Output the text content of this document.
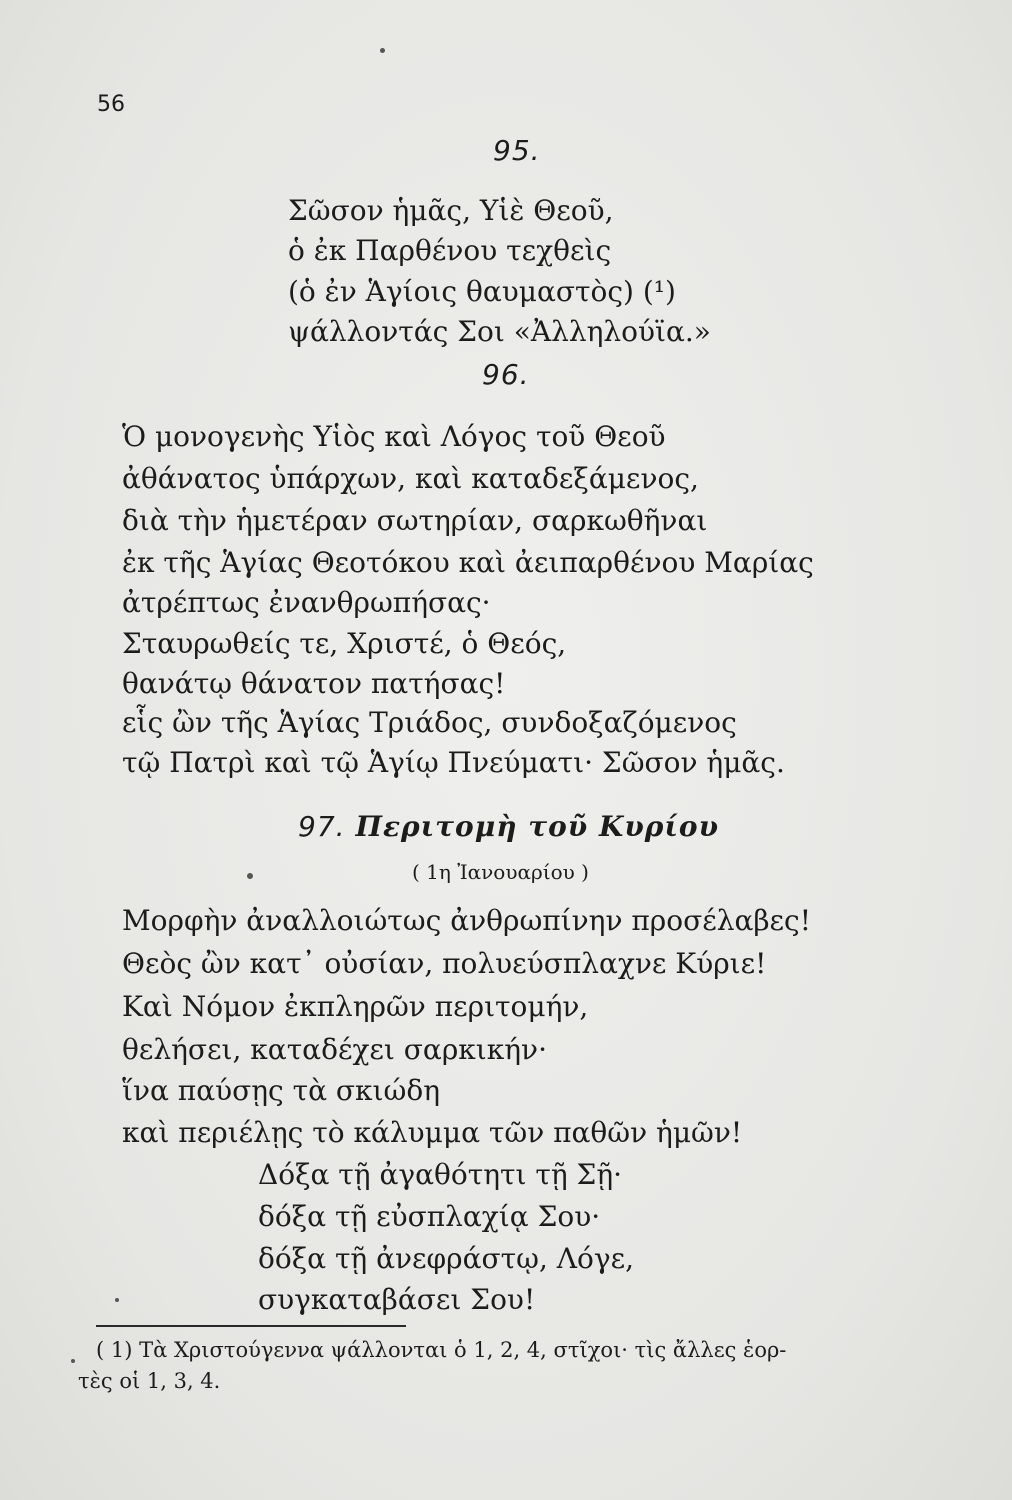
56
95.
Σῶσον ἡμᾶς, Υἱὲ Θεοῦ,
ὁ ἐκ Παρθένου τεχθεὶς
(ὁ ἐν Ἁγίοις θαυμαστὸς) (¹)
ψάλλοντάς Σοι «Ἀλληλούϊα.»
96.
Ὁ μονογενὴς Υἱὸς καὶ Λόγος τοῦ Θεοῦ
ἀθάνατος ὑπάρχων, καὶ καταδεξάμενος,
διὰ τὴν ἡμετέραν σωτηρίαν, σαρκωθῆναι
ἐκ τῆς Ἁγίας Θεοτόκου καὶ ἀειπαρθένου Μαρίας
ἀτρέπτως ἐνανθρωπήσας·
Σταυρωθείς τε, Χριστέ, ὁ Θεός,
θανάτῳ θάνατον πατήσας!
εἷς ὢν τῆς Ἁγίας Τριάδος, συνδοξαζόμενος
τῷ Πατρὶ καὶ τῷ Ἁγίῳ Πνεύματι· Σῶσον ἡμᾶς.
97. Περιτομὴ τοῦ Κυρίου
( 1η Ἰανουαρίου )
Μορφὴν ἀναλλοιώτως ἀνθρωπίνην προσέλαβες!
Θεὸς ὢν κατ᾽ οὐσίαν, πολυεύσπλαχνε Κύριε!
Καὶ Νόμον ἐκπληρῶν περιτομήν,
θελήσει, καταδέχει σαρκικήν·
ἵνα παύσῃς τὰ σκιώδη
καὶ περιέλῃς τὸ κάλυμμα τῶν παθῶν ἡμῶν!
Δόξα τῇ ἀγαθότητι τῇ Σῇ·
δόξα τῇ εὐσπλαχίᾳ Σου·
δόξα τῇ ἀνεφράστῳ, Λόγε,
συγκαταβάσει Σου!
( 1) Τὰ Χριστούγεννα ψάλλονται ὁ 1, 2, 4, στῖχοι· τὶς ἄλλες ἑορ-
τὲς οἱ 1, 3, 4.
